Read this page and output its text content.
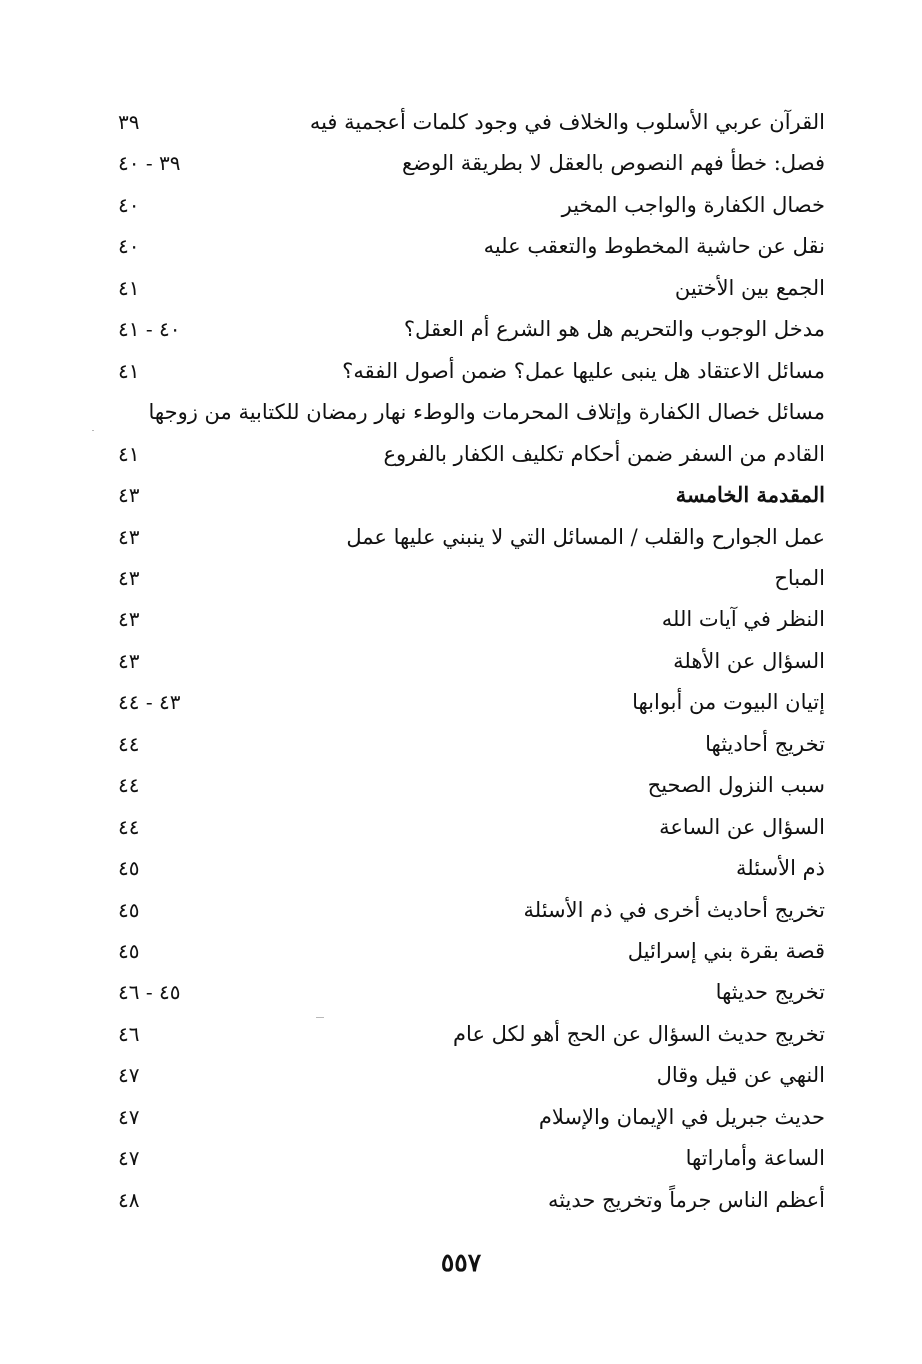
القرآن عربي الأسلوب والخلاف في وجود كلمات أعجمية فيه
٣٩
فصل: خطأ فهم النصوص بالعقل لا بطريقة الوضع
٣٩ - ٤٠
خصال الكفارة والواجب المخير
٤٠
نقل عن حاشية المخطوط والتعقب عليه
٤٠
الجمع بين الأختين
٤١
مدخل الوجوب والتحريم هل هو الشرع أم العقل؟
٤٠ - ٤١
مسائل الاعتقاد هل ينبى عليها عمل؟ ضمن أصول الفقه؟
٤١
مسائل خصال الكفارة وإتلاف المحرمات والوطء نهار رمضان للكتابية من زوجها
القادم من السفر ضمن أحكام تكليف الكفار بالفروع
٤١
المقدمة الخامسة
٤٣
عمل الجوارح والقلب / المسائل التي لا ينبني عليها عمل
٤٣
المباح
٤٣
النظر في آيات الله
٤٣
السؤال عن الأهلة
٤٣
إتيان البيوت من أبوابها
٤٣ - ٤٤
تخريج أحاديثها
٤٤
سبب النزول الصحيح
٤٤
السؤال عن الساعة
٤٤
ذم الأسئلة
٤٥
تخريج أحاديث أخرى في ذم الأسئلة
٤٥
قصة بقرة بني إسرائيل
٤٥
تخريج حديثها
٤٥ - ٤٦
تخريج حديث السؤال عن الحج أهو لكل عام
٤٦
النهي عن قيل وقال
٤٧
حديث جبريل في الإيمان والإسلام
٤٧
الساعة وأماراتها
٤٧
أعظم الناس جرماً وتخريج حديثه
٤٨
٥٥٧
